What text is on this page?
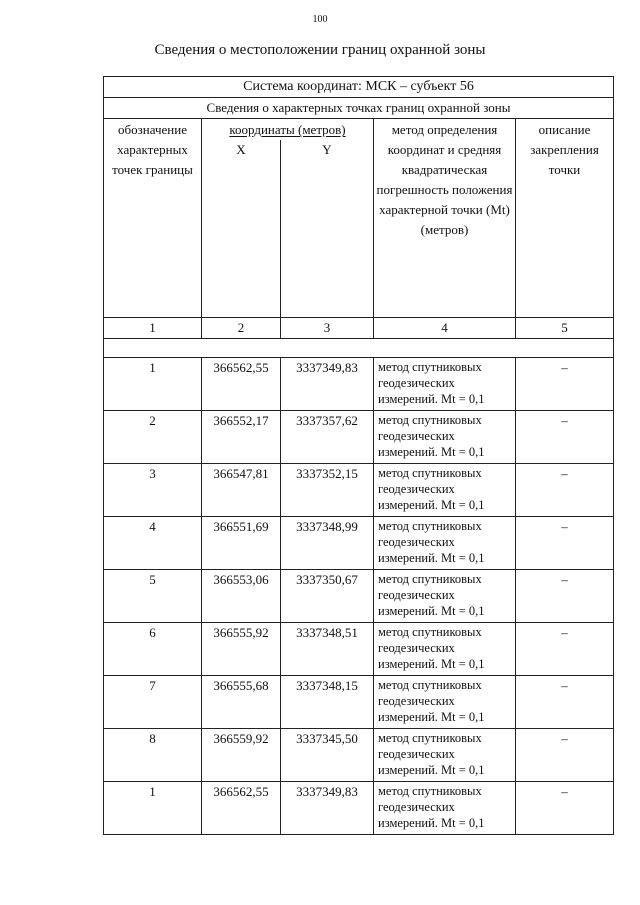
100
Сведения о местоположении границ охранной зоны
Система координат: МСК – субъект 56				
Сведения о характерных точках границ охранной зоны				
обозначение характерных точек границы	координаты (метров)		метод определения координат и средняя квадратическая погрешность положения характерной точки (Mt) (метров)	описание закрепления точки
	X	Y		
1	2	3	4	5

1	366562,55	3337349,83	метод спутниковых геодезических измерений. Mt = 0,1	–
2	366552,17	3337357,62	метод спутниковых геодезических измерений. Mt = 0,1	–
3	366547,81	3337352,15	метод спутниковых геодезических измерений. Mt = 0,1	–
4	366551,69	3337348,99	метод спутниковых геодезических измерений. Mt = 0,1	–
5	366553,06	3337350,67	метод спутниковых геодезических измерений. Mt = 0,1	–
6	366555,92	3337348,51	метод спутниковых геодезических измерений. Mt = 0,1	–
7	366555,68	3337348,15	метод спутниковых геодезических измерений. Mt = 0,1	–
8	366559,92	3337345,50	метод спутниковых геодезических измерений. Mt = 0,1	–
1	366562,55	3337349,83	метод спутниковых геодезических измерений. Mt = 0,1	–
